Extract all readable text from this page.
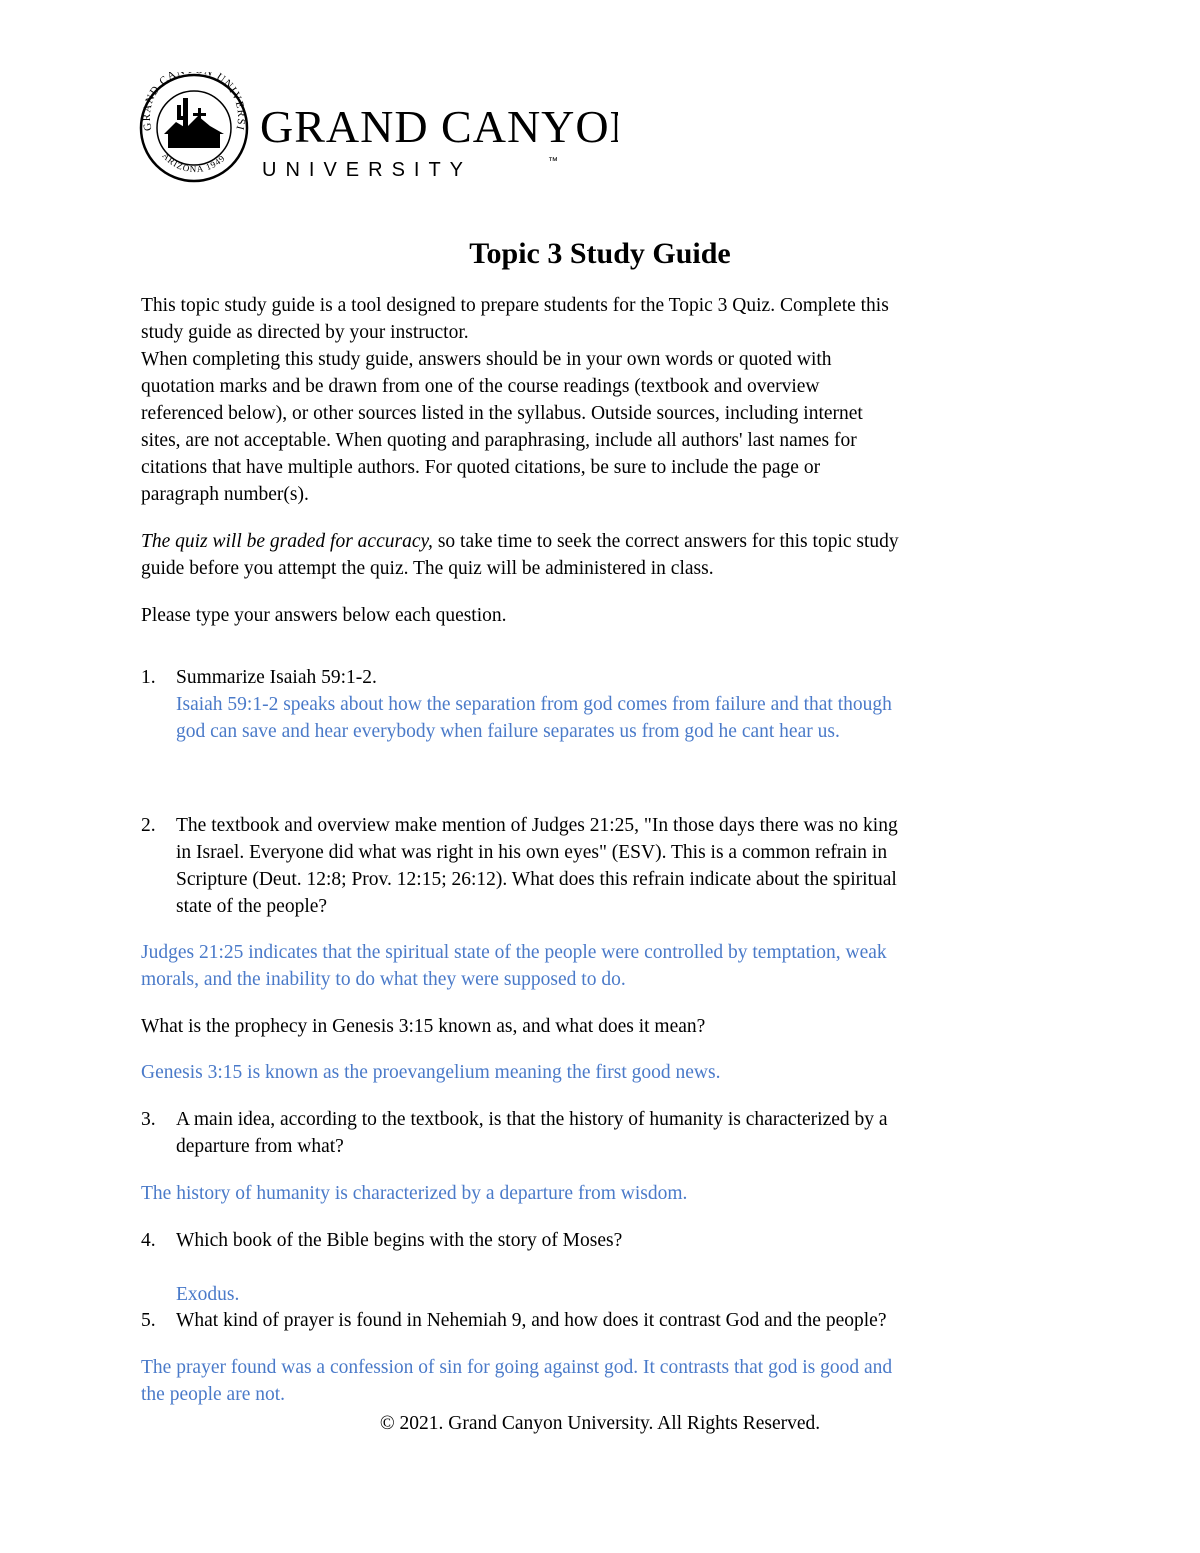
GRAND CA N UNIVERSI
ARIZONA 1949
GRAND CANYON
UNIVERSITY	™
Topic 3 Study Guide
This topic study guide is a tool designed to prepare students for the Topic 3 Quiz. Complete this
study guide as directed by your instructor.
When completing this study guide, answers should be in your own words or quoted with
quotation marks and be drawn from one of the course readings (textbook and overview
referenced below), or other sources listed in the syllabus. Outside sources, including internet
sites, are not acceptable. When quoting and paraphrasing, include all authors' last names for
citations that have multiple authors. For quoted citations, be sure to include the page or
paragraph number(s).
The quiz will be graded for accuracy, so take time to seek the correct answers for this topic study
guide before you attempt the quiz. The quiz will be administered in class.
Please type your answers below each question.
1. Summarize Isaiah 59:1-2.
Isaiah 59:1-2 speaks about how the separation from god comes from failure and that though
god can save and hear everybody when failure separates us from god he cant hear us.
2. The textbook and overview make mention of Judges 21:25, "In those days there was no king
in Israel. Everyone did what was right in his own eyes" (ESV). This is a common refrain in
Scripture (Deut. 12:8; Prov. 12:15; 26:12). What does this refrain indicate about the spiritual
state of the people?
Judges 21:25 indicates that the spiritual state of the people were controlled by temptation, weak
morals, and the inability to do what they were supposed to do.
What is the prophecy in Genesis 3:15 known as, and what does it mean?
Genesis 3:15 is known as the proevangelium meaning the first good news.
3. A main idea, according to the textbook, is that the history of humanity is characterized by a
departure from what?
The history of humanity is characterized by a departure from wisdom.
4. Which book of the Bible begins with the story of Moses?
Exodus.
5. What kind of prayer is found in Nehemiah 9, and how does it contrast God and the people?
The prayer found was a confession of sin for going against god. It contrasts that god is good and
the people are not.
© 2021. Grand Canyon University. All Rights Reserved.
